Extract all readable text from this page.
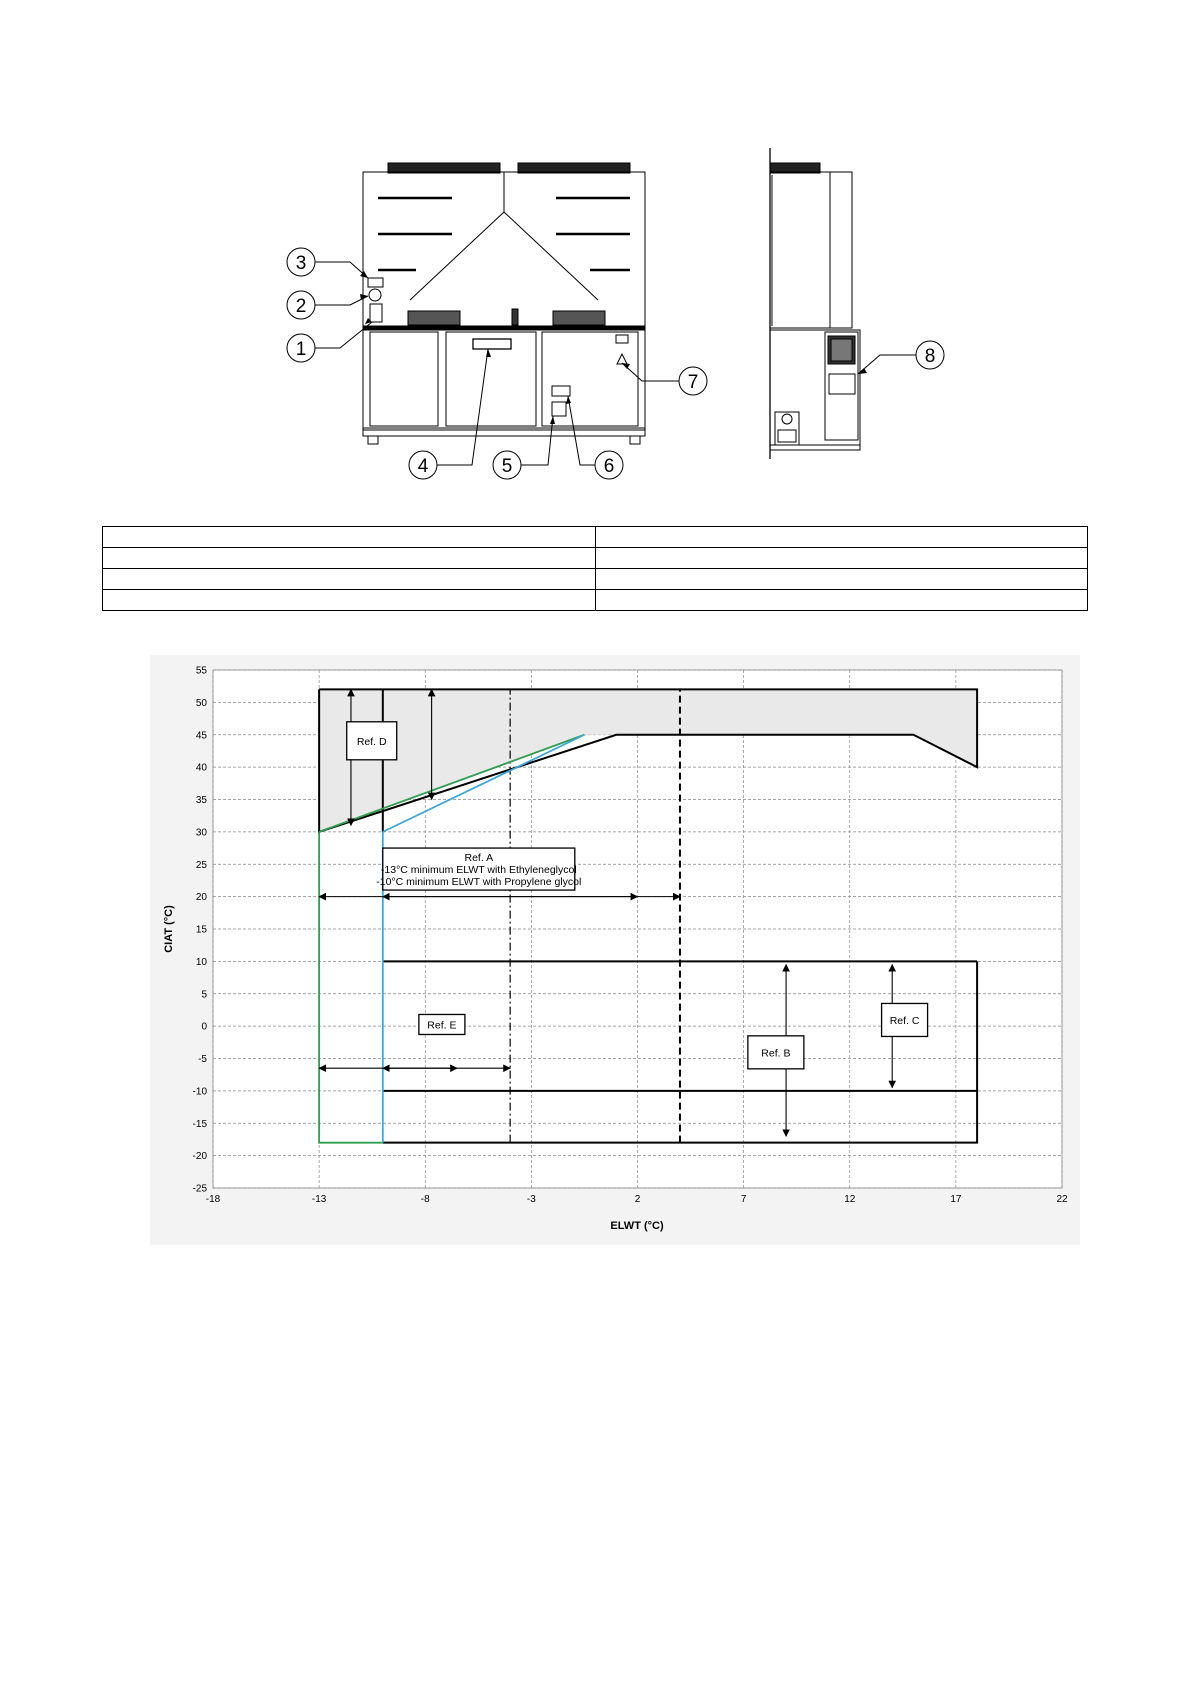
3
2
1
4	5	6
7
8

Ref. A
-13°C minimum ELWT with Ethyleneglycol
-10°C minimum ELWT with Propylene glycol
Ref. B
Ref. C
Ref. D
Ref. E
-18	-13	-8	-3	2	7	12	17	22
55
50
45
40
35
30
25
20
15
10
5
0
-5
-10
-15
-20
-25
ELWT (°C)
CIAT (°C)
